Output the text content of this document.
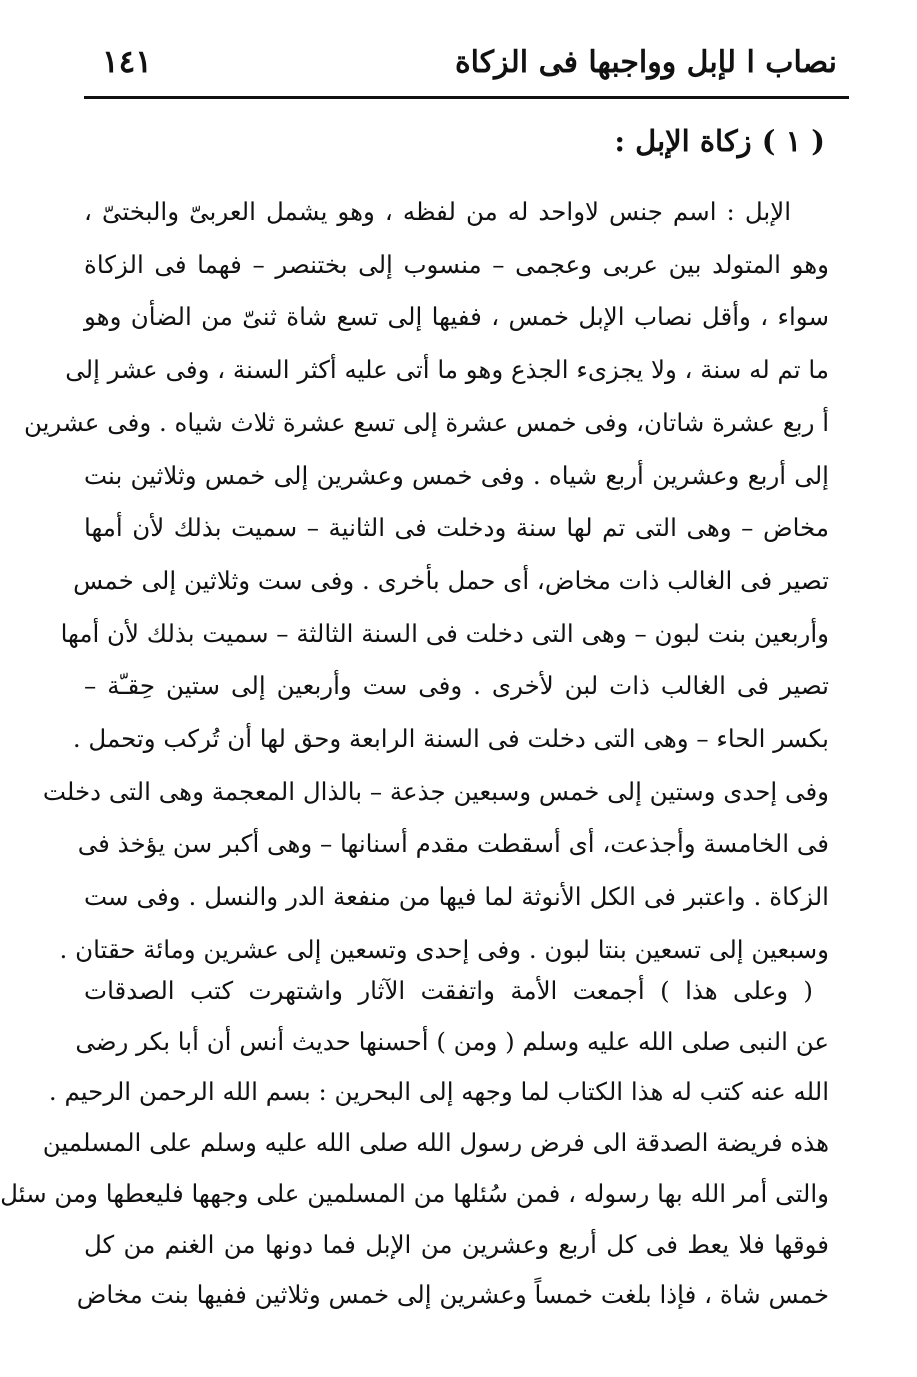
نصاب ا لإبل وواجبها فى الزكاة
١٤١
( ١ ) زكاة الإبل :
الإبل : اسم جنس لاواحد له من لفظه ، وهو يشمل العربىّ والبختىّ ،
وهو المتولد بين عربى وعجمى – منسوب إلى بختنصر – فهما فى الزكاة
سواء ، وأقل نصاب الإبل خمس ، ففيها إلى تسع شاة ثنىّ من الضأن وهو
ما تم له سنة ، ولا يجزىء الجذع وهو ما أتى عليه أكثر السنة ، وفى عشر إلى
أ ربع عشرة شاتان، وفى خمس عشرة إلى تسع عشرة ثلاث شياه . وفى عشرين
إلى أربع وعشرين أربع شياه . وفى خمس وعشرين إلى خمس وثلاثين بنت
مخاض – وهى التى تم لها سنة ودخلت فى الثانية – سميت بذلك لأن أمها
تصير فى الغالب ذات مخاض، أى حمل بأخرى . وفى ست وثلاثين إلى خمس
وأربعين بنت لبون – وهى التى دخلت فى السنة الثالثة – سميت بذلك لأن أمها
تصير فى الغالب ذات لبن لأخرى . وفى ست وأربعين إلى ستين حِقـّة –
بكسر الحاء – وهى التى دخلت فى السنة الرابعة وحق لها أن تُركب وتحمل .
وفى إحدى وستين إلى خمس وسبعين جذعة – بالذال المعجمة وهى التى دخلت
فى الخامسة وأجذعت، أى أسقطت مقدم أسنانها – وهى أكبر سن يؤخذ فى
الزكاة . واعتبر فى الكل الأنوثة لما فيها من منفعة الدر والنسل . وفى ست
وسبعين إلى تسعين بنتا لبون . وفى إحدى وتسعين إلى عشرين ومائة حقتان .
( وعلى هذا ) أجمعت الأمة واتفقت الآثار واشتهرت كتب الصدقات
عن النبى صلى الله عليه وسلم ( ومن ) أحسنها حديث أنس أن أبا بكر رضى
الله عنه كتب له هذا الكتاب لما وجهه إلى البحرين : بسم الله الرحمن الرحيم .
هذه فريضة الصدقة الى فرض رسول الله صلى الله عليه وسلم على المسلمين
والتى أمر الله بها رسوله ، فمن سُئلها من المسلمين على وجهها فليعطها ومن سئل
فوقها فلا يعط فى كل أربع وعشرين من الإبل فما دونها من الغنم من كل
خمس شاة ، فإذا بلغت خمساً وعشرين إلى خمس وثلاثين ففيها بنت مخاض
